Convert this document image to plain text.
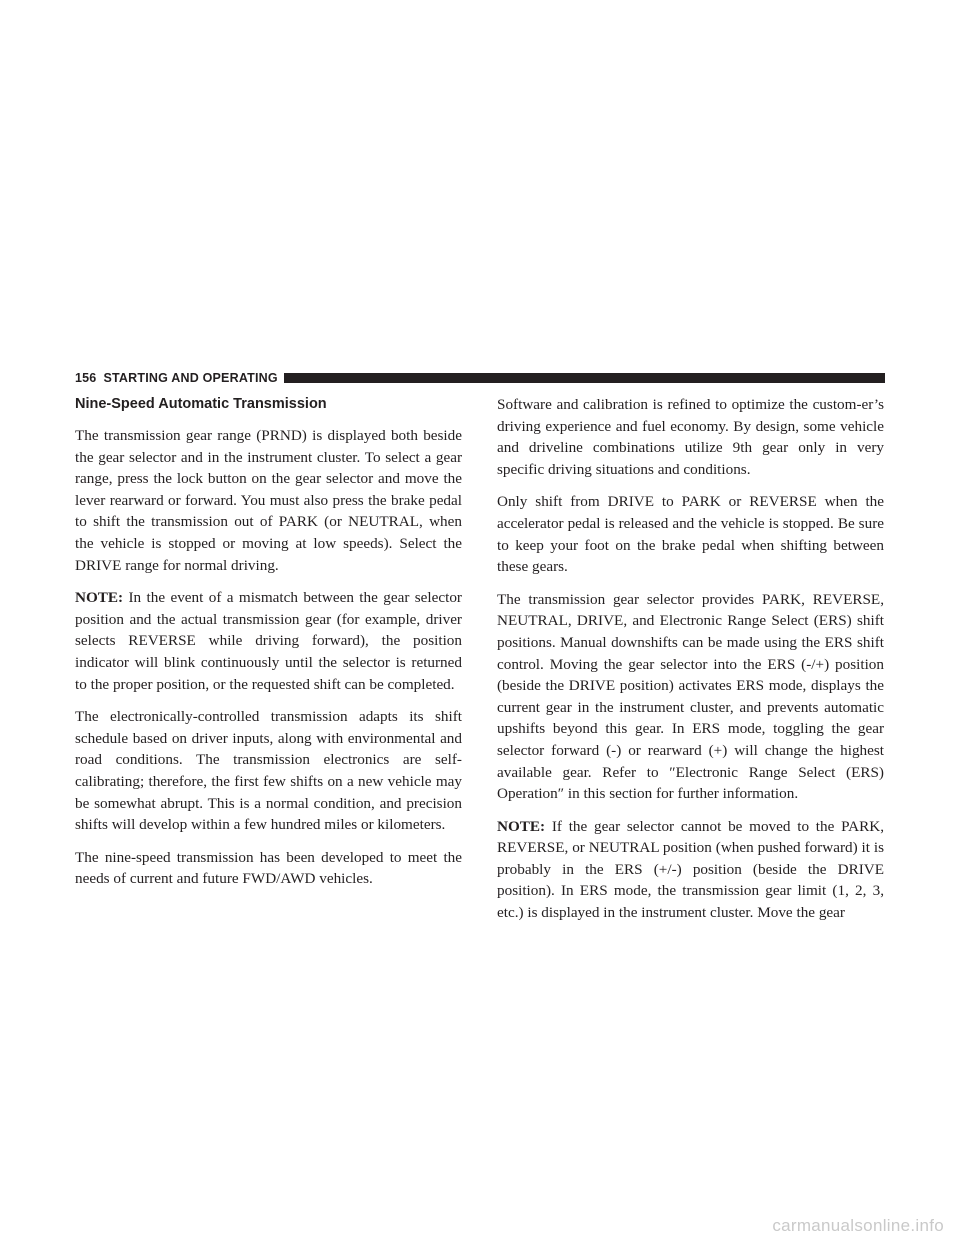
156 STARTING AND OPERATING
Nine-Speed Automatic Transmission

The transmission gear range (PRND) is displayed both beside the gear selector and in the instrument cluster. To select a gear range, press the lock button on the gear selector and move the lever rearward or forward. You must also press the brake pedal to shift the transmission out of PARK (or NEUTRAL, when the vehicle is stopped or moving at low speeds). Select the DRIVE range for normal driving.

NOTE: In the event of a mismatch between the gear selector position and the actual transmission gear (for example, driver selects REVERSE while driving forward), the position indicator will blink continuously until the selector is returned to the proper position, or the requested shift can be completed.

The electronically-controlled transmission adapts its shift schedule based on driver inputs, along with environmental and road conditions. The transmission electronics are self-calibrating; therefore, the first few shifts on a new vehicle may be somewhat abrupt. This is a normal condition, and precision shifts will develop within a few hundred miles or kilometers.

The nine-speed transmission has been developed to meet the needs of current and future FWD/AWD vehicles.

Software and calibration is refined to optimize the custom-er’s driving experience and fuel economy. By design, some vehicle and driveline combinations utilize 9th gear only in very specific driving situations and conditions.

Only shift from DRIVE to PARK or REVERSE when the accelerator pedal is released and the vehicle is stopped. Be sure to keep your foot on the brake pedal when shifting between these gears.

The transmission gear selector provides PARK, REVERSE, NEUTRAL, DRIVE, and Electronic Range Select (ERS) shift positions. Manual downshifts can be made using the ERS shift control. Moving the gear selector into the ERS (-/+) position (beside the DRIVE position) activates ERS mode, displays the current gear in the instrument cluster, and prevents automatic upshifts beyond this gear. In ERS mode, toggling the gear selector forward (-) or rearward (+) will change the highest available gear. Refer to ″Electronic Range Select (ERS) Operation″ in this section for further information.

NOTE: If the gear selector cannot be moved to the PARK, REVERSE, or NEUTRAL position (when pushed forward) it is probably in the ERS (+/-) position (beside the DRIVE position). In ERS mode, the transmission gear limit (1, 2, 3, etc.) is displayed in the instrument cluster. Move the gear

carmanualsonline.info
